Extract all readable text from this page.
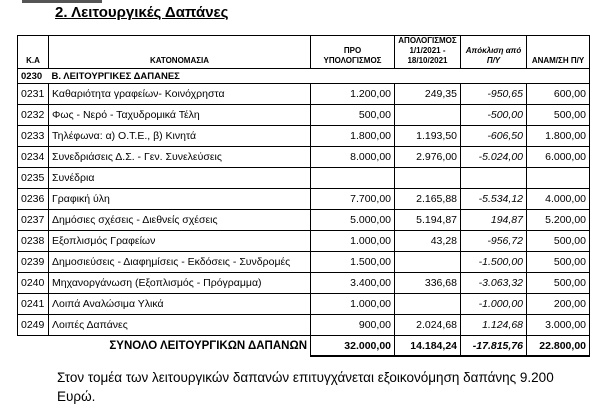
2. Λειτουργικές Δαπάνες
Κ.Α	ΚΑΤΟΝΟΜΑΣΙΑ	ΠΡΟ ΥΠΟΛΟΓΙΣΜΟΣ	ΑΠΟΛΟΓΙΣΜΟΣ 1/1/2021 - 18/10/2021	Απόκλιση από Π/Υ	ΑΝΑΜ/ΣΗ Π/Υ
0230	Β. ΛΕΙΤΟΥΡΓΙΚΕΣ ΔΑΠΑΝΕΣ				
0231	Καθαριότητα γραφείων- Κοινόχρηστα	1.200,00	249,35	-950,65	600,00
0232	Φως - Νερό - Ταχυδρομικά Τέλη	500,00		-500,00	500,00
0233	Τηλέφωνα: α) Ο.Τ.Ε., β) Κινητά	1.800,00	1.193,50	-606,50	1.800,00
0234	Συνεδριάσεις Δ.Σ. - Γεν. Συνελεύσεις	8.000,00	2.976,00	-5.024,00	6.000,00
0235	Συνέδρια				
0236	Γραφική ύλη	7.700,00	2.165,88	-5.534,12	4.000,00
0237	Δημόσιες σχέσεις - Διεθνείς σχέσεις	5.000,00	5.194,87	194,87	5.200,00
0238	Εξοπλισμός Γραφείων	1.000,00	43,28	-956,72	500,00
0239	Δημοσιεύσεις - Διαφημίσεις - Εκδόσεις - Συνδρομές	1.500,00		-1.500,00	500,00
0240	Μηχανοργάνωση (Εξοπλισμός - Πρόγραμμα)	3.400,00	336,68	-3.063,32	500,00
0241	Λοιπά Αναλώσιμα Υλικά	1.000,00		-1.000,00	200,00
0249	Λοιπές Δαπάνες	900,00	2.024,68	1.124,68	3.000,00
	ΣΥΝΟΛΟ ΛΕΙΤΟΥΡΓΙΚΩΝ ΔΑΠΑΝΩΝ	32.000,00	14.184,24	-17.815,76	22.800,00
Στον τομέα των λειτουργικών δαπανών επιτυγχάνεται εξοικονόμηση δαπάνης 9.200 Ευρώ.
